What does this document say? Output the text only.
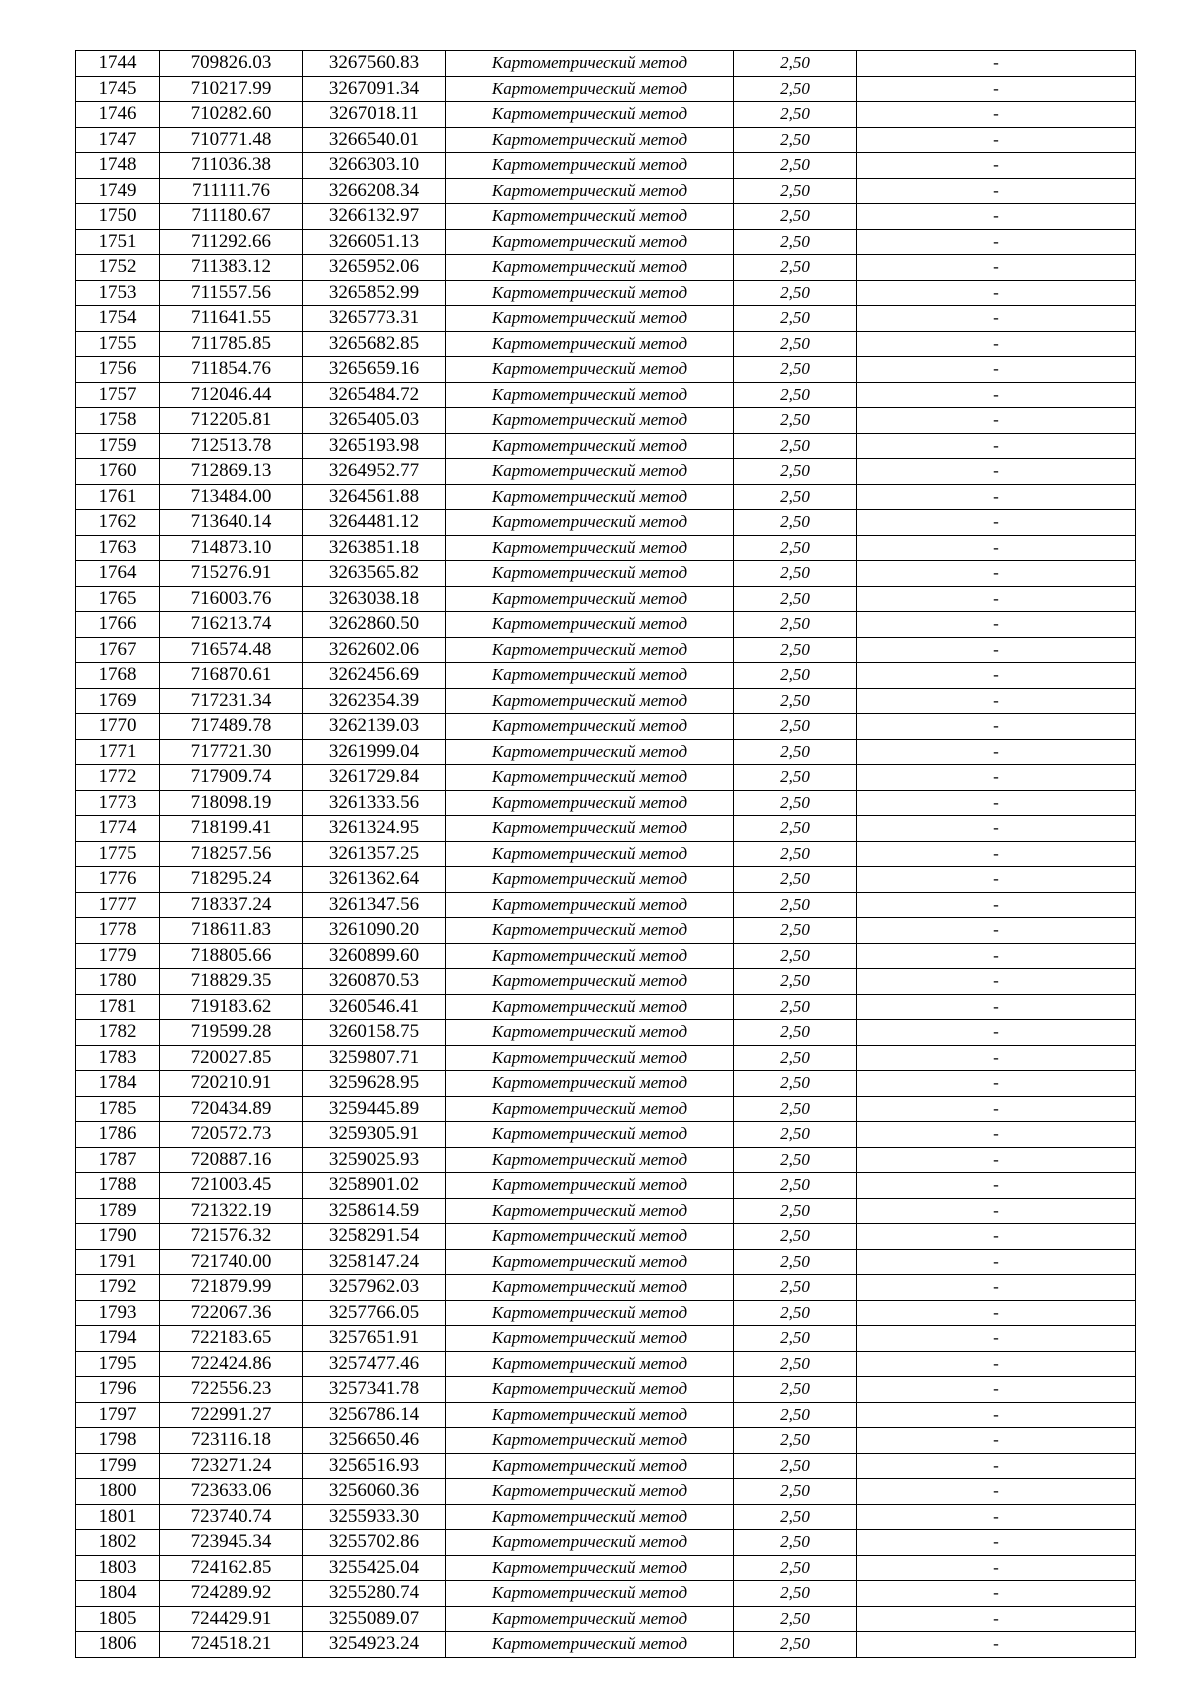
1744	709826.03	3267560.83	Картометрический метод	2,50	-
1745	710217.99	3267091.34	Картометрический метод	2,50	-
1746	710282.60	3267018.11	Картометрический метод	2,50	-
1747	710771.48	3266540.01	Картометрический метод	2,50	-
1748	711036.38	3266303.10	Картометрический метод	2,50	-
1749	711111.76	3266208.34	Картометрический метод	2,50	-
1750	711180.67	3266132.97	Картометрический метод	2,50	-
1751	711292.66	3266051.13	Картометрический метод	2,50	-
1752	711383.12	3265952.06	Картометрический метод	2,50	-
1753	711557.56	3265852.99	Картометрический метод	2,50	-
1754	711641.55	3265773.31	Картометрический метод	2,50	-
1755	711785.85	3265682.85	Картометрический метод	2,50	-
1756	711854.76	3265659.16	Картометрический метод	2,50	-
1757	712046.44	3265484.72	Картометрический метод	2,50	-
1758	712205.81	3265405.03	Картометрический метод	2,50	-
1759	712513.78	3265193.98	Картометрический метод	2,50	-
1760	712869.13	3264952.77	Картометрический метод	2,50	-
1761	713484.00	3264561.88	Картометрический метод	2,50	-
1762	713640.14	3264481.12	Картометрический метод	2,50	-
1763	714873.10	3263851.18	Картометрический метод	2,50	-
1764	715276.91	3263565.82	Картометрический метод	2,50	-
1765	716003.76	3263038.18	Картометрический метод	2,50	-
1766	716213.74	3262860.50	Картометрический метод	2,50	-
1767	716574.48	3262602.06	Картометрический метод	2,50	-
1768	716870.61	3262456.69	Картометрический метод	2,50	-
1769	717231.34	3262354.39	Картометрический метод	2,50	-
1770	717489.78	3262139.03	Картометрический метод	2,50	-
1771	717721.30	3261999.04	Картометрический метод	2,50	-
1772	717909.74	3261729.84	Картометрический метод	2,50	-
1773	718098.19	3261333.56	Картометрический метод	2,50	-
1774	718199.41	3261324.95	Картометрический метод	2,50	-
1775	718257.56	3261357.25	Картометрический метод	2,50	-
1776	718295.24	3261362.64	Картометрический метод	2,50	-
1777	718337.24	3261347.56	Картометрический метод	2,50	-
1778	718611.83	3261090.20	Картометрический метод	2,50	-
1779	718805.66	3260899.60	Картометрический метод	2,50	-
1780	718829.35	3260870.53	Картометрический метод	2,50	-
1781	719183.62	3260546.41	Картометрический метод	2,50	-
1782	719599.28	3260158.75	Картометрический метод	2,50	-
1783	720027.85	3259807.71	Картометрический метод	2,50	-
1784	720210.91	3259628.95	Картометрический метод	2,50	-
1785	720434.89	3259445.89	Картометрический метод	2,50	-
1786	720572.73	3259305.91	Картометрический метод	2,50	-
1787	720887.16	3259025.93	Картометрический метод	2,50	-
1788	721003.45	3258901.02	Картометрический метод	2,50	-
1789	721322.19	3258614.59	Картометрический метод	2,50	-
1790	721576.32	3258291.54	Картометрический метод	2,50	-
1791	721740.00	3258147.24	Картометрический метод	2,50	-
1792	721879.99	3257962.03	Картометрический метод	2,50	-
1793	722067.36	3257766.05	Картометрический метод	2,50	-
1794	722183.65	3257651.91	Картометрический метод	2,50	-
1795	722424.86	3257477.46	Картометрический метод	2,50	-
1796	722556.23	3257341.78	Картометрический метод	2,50	-
1797	722991.27	3256786.14	Картометрический метод	2,50	-
1798	723116.18	3256650.46	Картометрический метод	2,50	-
1799	723271.24	3256516.93	Картометрический метод	2,50	-
1800	723633.06	3256060.36	Картометрический метод	2,50	-
1801	723740.74	3255933.30	Картометрический метод	2,50	-
1802	723945.34	3255702.86	Картометрический метод	2,50	-
1803	724162.85	3255425.04	Картометрический метод	2,50	-
1804	724289.92	3255280.74	Картометрический метод	2,50	-
1805	724429.91	3255089.07	Картометрический метод	2,50	-
1806	724518.21	3254923.24	Картометрический метод	2,50	-
